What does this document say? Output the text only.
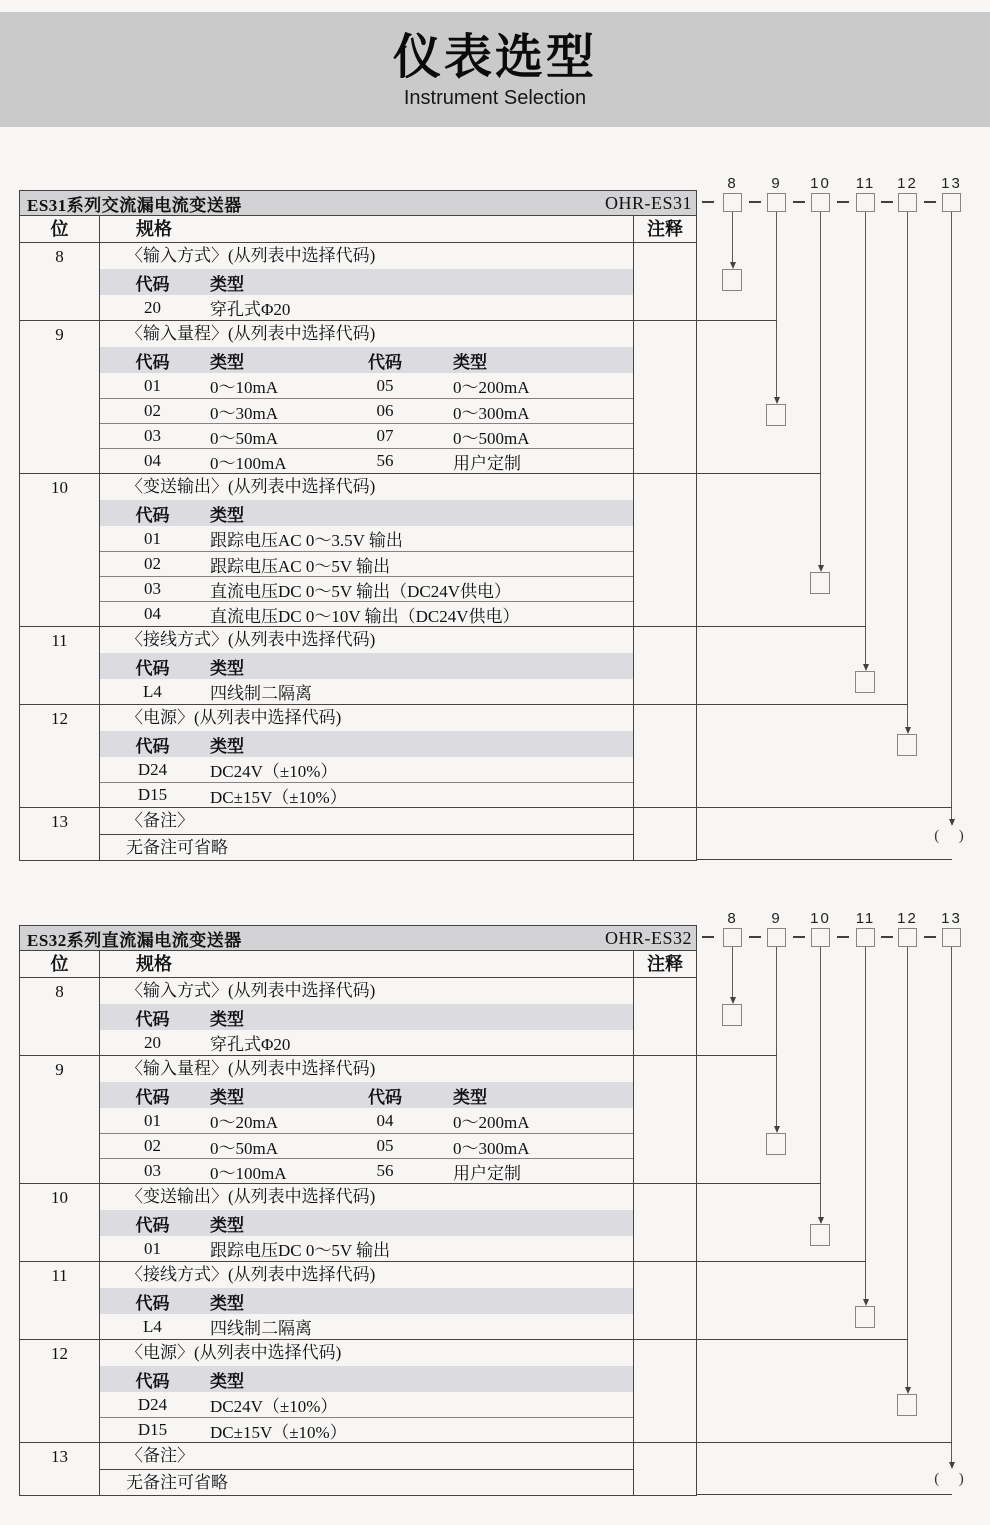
仪表选型
Instrument Selection
ES31系列交流漏电流变送器	OHR-ES31
位	规格	注释
8	〈输入方式〉(从列表中选择代码)
代码	类型
20	穿孔式Φ20
9	〈输入量程〉(从列表中选择代码)
代码	类型	代码	类型
01	0～10mA	05	0～200mA
02	0～30mA	06	0～300mA
03	0～50mA	07	0～500mA
04	0～100mA	56	用户定制
10	〈变送输出〉(从列表中选择代码)
代码	类型
01	跟踪电压AC 0～3.5V 输出
02	跟踪电压AC 0～5V 输出
03	直流电压DC 0～5V 输出（DC24V供电）
04	直流电压DC 0～10V 输出（DC24V供电）
11	〈接线方式〉(从列表中选择代码)
代码	类型
L4	四线制二隔离
12	〈电源〉(从列表中选择代码)
代码	类型
D24	DC24V（±10%）
D15	DC±15V（±10%）
13	〈备注〉
无备注可省略
8	9	10	11	12	13
(  )
ES32系列直流漏电流变送器	OHR-ES32
位	规格	注释
8	〈输入方式〉(从列表中选择代码)
代码	类型
20	穿孔式Φ20
9	〈输入量程〉(从列表中选择代码)
代码	类型	代码	类型
01	0～20mA	04	0～200mA
02	0～50mA	05	0～300mA
03	0～100mA	56	用户定制
10	〈变送输出〉(从列表中选择代码)
代码	类型
01	跟踪电压DC 0～5V 输出
11	〈接线方式〉(从列表中选择代码)
代码	类型
L4	四线制二隔离
12	〈电源〉(从列表中选择代码)
代码	类型
D24	DC24V（±10%）
D15	DC±15V（±10%）
13	〈备注〉
无备注可省略
8	9	10	11	12	13
(  )
